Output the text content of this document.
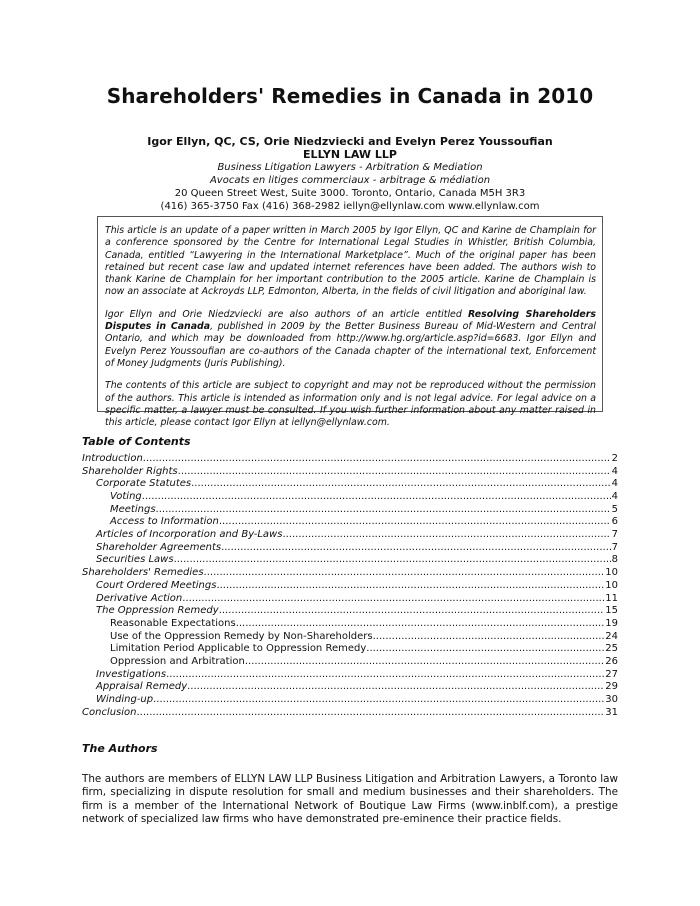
Shareholders' Remedies in Canada in 2010
Igor Ellyn, QC, CS, Orie Niedzviecki and Evelyn Perez Youssoufian
ELLYN LAW LLP
Business Litigation Lawyers - Arbitration & Mediation
Avocats en litiges commerciaux - arbitrage & médiation
20 Queen Street West, Suite 3000. Toronto, Ontario, Canada M5H 3R3
(416) 365-3750 Fax (416) 368-2982 iellyn@ellynlaw.com www.ellynlaw.com

This article is an update of a paper written in March 2005 by Igor Ellyn, QC and Karine de Champlain for a conference sponsored by the Centre for International Legal Studies in Whistler, British Columbia, Canada, entitled “Lawyering in the International Marketplace”. Much of the original paper has been retained but recent case law and updated internet references have been added. The authors wish to thank Karine de Champlain for her important contribution to the 2005 article. Karine de Champlain is now an associate at Ackroyds LLP, Edmonton, Alberta, in the fields of civil litigation and aboriginal law.

Igor Ellyn and Orie Niedzviecki are also authors of an article entitled Resolving Shareholders Disputes in Canada, published in 2009 by the Better Business Bureau of Mid-Western and Central Ontario, and which may be downloaded from http://www.hg.org/article.asp?id=6683. Igor Ellyn and Evelyn Perez Youssoufian are co-authors of the Canada chapter of the international text, Enforcement of Money Judgments (Juris Publishing).

The contents of this article are subject to copyright and may not be reproduced without the permission of the authors. This article is intended as information only and is not legal advice. For legal advice on a specific matter, a lawyer must be consulted. If you wish further information about any matter raised in this article, please contact Igor Ellyn at iellyn@ellynlaw.com.

Table of Contents
Introduction .....	2
Shareholder Rights .....	4
Corporate Statutes .....	4
Voting .....	4
Meetings .....	5
Access to Information .....	6
Articles of Incorporation and By-Laws .....	7
Shareholder Agreements .....	7
Securities Laws .....	8
Shareholders' Remedies .....	10
Court Ordered Meetings .....	10
Derivative Action .....	11
The Oppression Remedy .....	15
Reasonable Expectations .....	19
Use of the Oppression Remedy by Non-Shareholders .....	24
Limitation Period Applicable to Oppression Remedy .....	25
Oppression and Arbitration .....	26
Investigations .....	27
Appraisal Remedy .....	29
Winding-up .....	30
Conclusion .....	31
The Authors
The authors are members of ELLYN LAW LLP Business Litigation and Arbitration Lawyers, a Toronto law firm, specializing in dispute resolution for small and medium businesses and their shareholders. The firm is a member of the International Network of Boutique Law Firms (www.inblf.com), a prestige network of specialized law firms who have demonstrated pre-eminence their practice fields.
